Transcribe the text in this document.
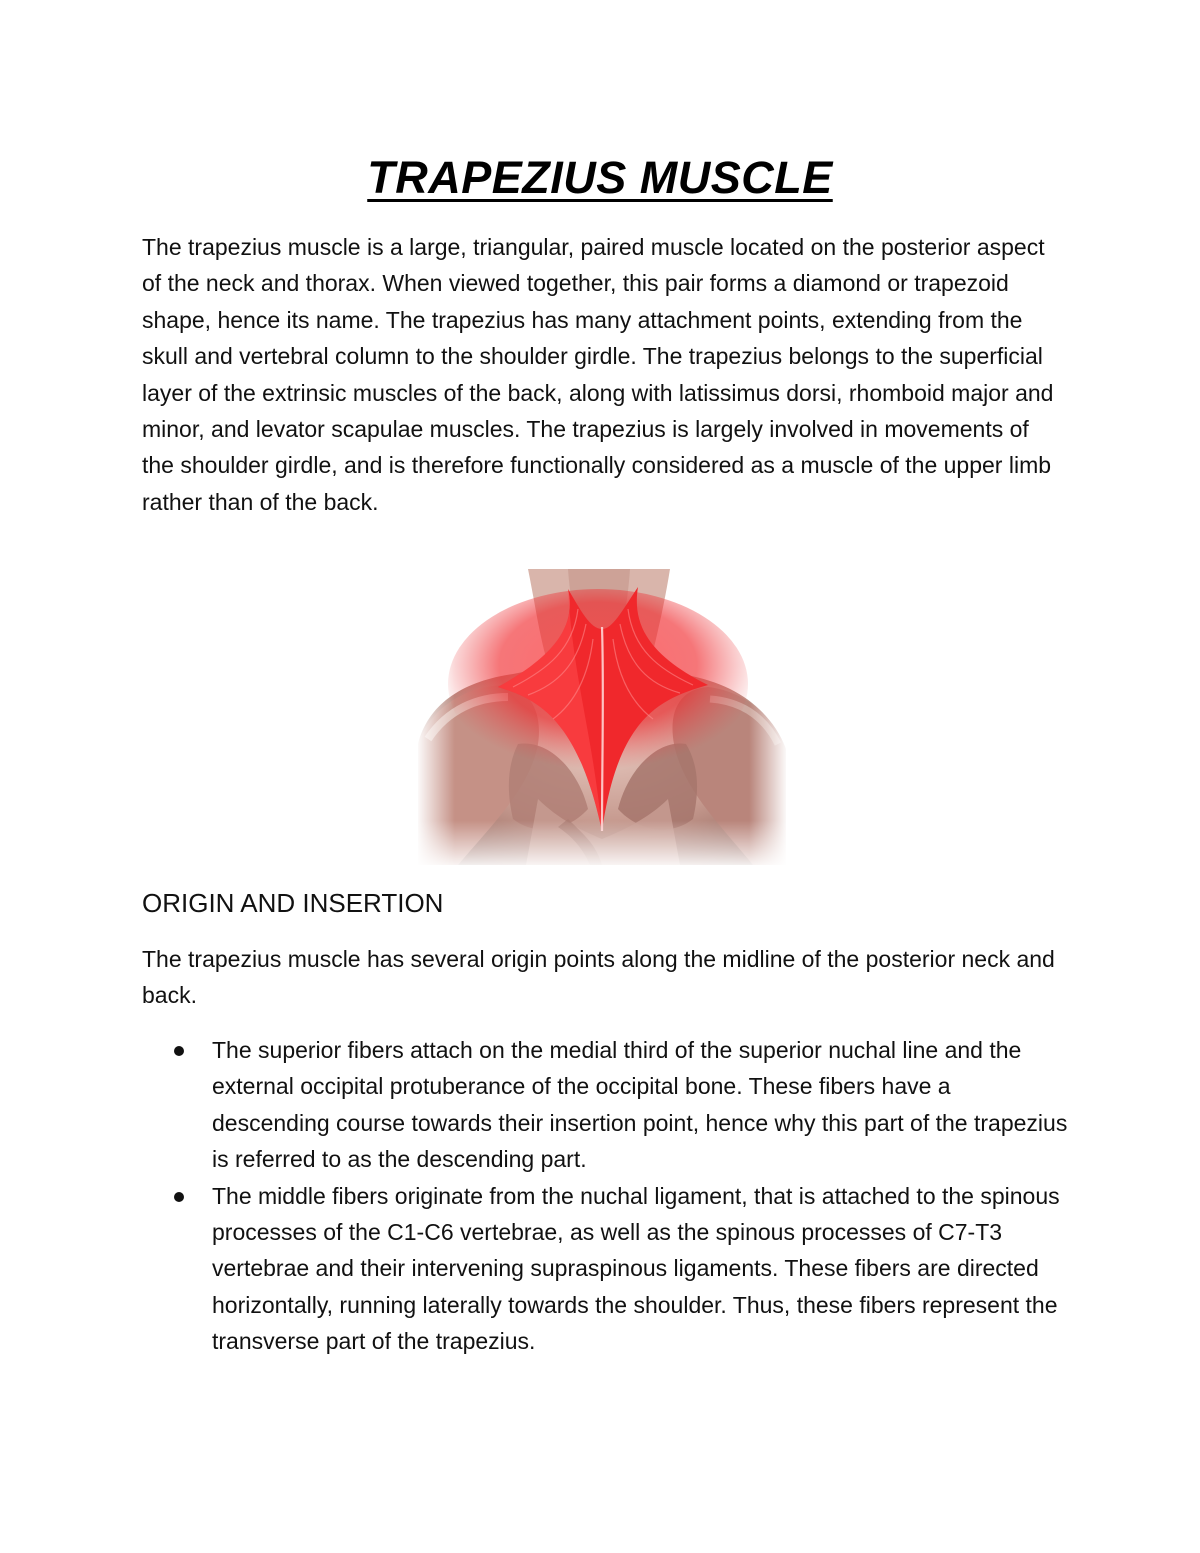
TRAPEZIUS MUSCLE

The trapezius muscle is a large, triangular, paired muscle located on the posterior aspect of the neck and thorax. When viewed together, this pair forms a diamond or trapezoid shape, hence its name. The trapezius has many attachment points, extending from the skull and vertebral column to the shoulder girdle. The trapezius belongs to the superficial layer of the extrinsic muscles of the back, along with latissimus dorsi, rhomboid major and minor, and levator scapulae muscles. The trapezius is largely involved in movements of the shoulder girdle, and is therefore functionally considered as a muscle of the upper limb rather than of the back.

ORIGIN AND INSERTION

The trapezius muscle has several origin points along the midline of the posterior neck and back.

The superior fibers attach on the medial third of the superior nuchal line and the external occipital protuberance of the occipital bone. These fibers have a descending course towards their insertion point, hence why this part of the trapezius is referred to as the descending part.
The middle fibers originate from the nuchal ligament, that is attached to the spinous processes of the C1-C6 vertebrae, as well as the spinous processes of C7-T3 vertebrae and their intervening supraspinous ligaments. These fibers are directed horizontally, running laterally towards the shoulder. Thus, these fibers represent the transverse part of the trapezius.
